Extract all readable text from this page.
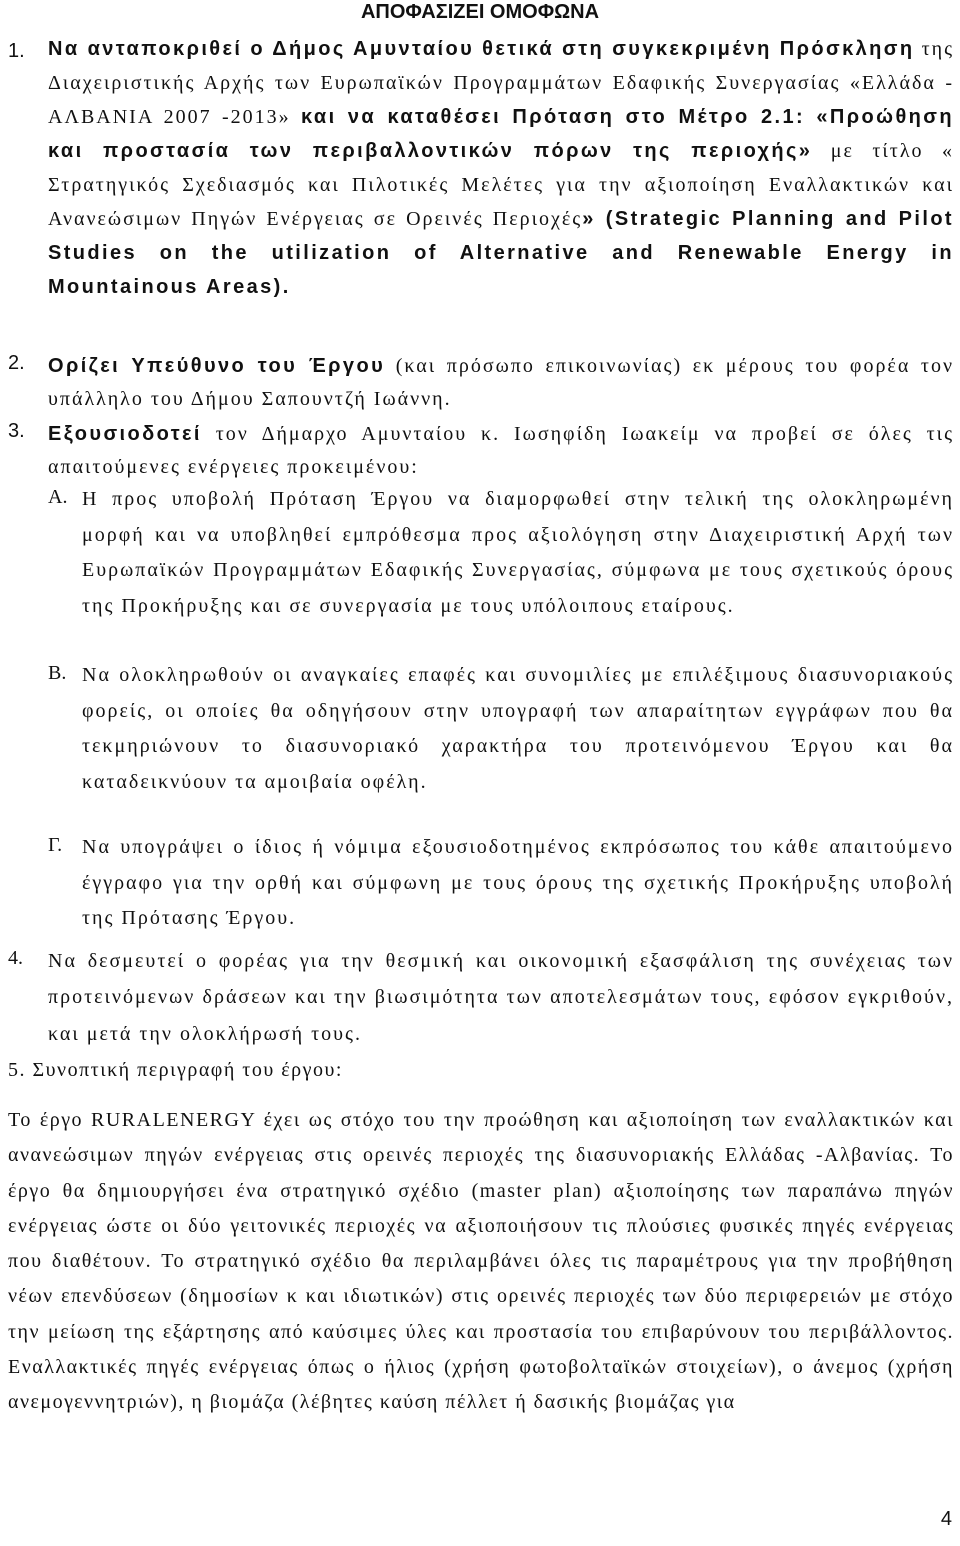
ΑΠΟΦΑΣΙΖΕΙ ΟΜΟΦΩΝΑ
1. Να ανταποκριθεί ο Δήμος Αμυνταίου θετικά στη συγκεκριμένη Πρόσκληση της Διαχειριστικής Αρχής των Ευρωπαϊκών Προγραμμάτων Εδαφικής Συνεργασίας «Ελλάδα - ΑΛΒΑΝΙΑ 2007 -2013» και να καταθέσει Πρόταση στο Μέτρο 2.1: «Προώθηση και προστασία των περιβαλλοντικών πόρων της περιοχής» με τίτλο « Στρατηγικός Σχεδιασμός και Πιλοτικές Μελέτες για την αξιοποίηση Εναλλακτικών και Ανανεώσιμων Πηγών Ενέργειας σε Ορεινές Περιοχές» (Strategic Planning and Pilot Studies on the utilization of Alternative and Renewable Energy in Mountainous Areas).
2. Ορίζει Υπεύθυνο του Έργου (και πρόσωπο επικοινωνίας) εκ μέρους του φορέα τον υπάλληλο του Δήμου Σαπουντζή Ιωάννη.
3. Εξουσιοδοτεί τον Δήμαρχο Αμυνταίου κ. Ιωσηφίδη Ιωακείμ να προβεί σε όλες τις απαιτούμενες ενέργειες προκειμένου:
Α. Η προς υποβολή Πρόταση Έργου να διαμορφωθεί στην τελική της ολοκληρωμένη μορφή και να υποβληθεί εμπρόθεσμα προς αξιολόγηση στην Διαχειριστική Αρχή των Ευρωπαϊκών Προγραμμάτων Εδαφικής Συνεργασίας, σύμφωνα με τους σχετικούς όρους της Προκήρυξης και σε συνεργασία με τους υπόλοιπους εταίρους.
Β. Να ολοκληρωθούν οι αναγκαίες επαφές και συνομιλίες με επιλέξιμους διασυνοριακούς φορείς, οι οποίες θα οδηγήσουν στην υπογραφή των απαραίτητων εγγράφων που θα τεκμηριώνουν το διασυνοριακό χαρακτήρα του προτεινόμενου Έργου και θα καταδεικνύουν τα αμοιβαία οφέλη.
Γ. Να υπογράψει ο ίδιος ή νόμιμα εξουσιοδοτημένος εκπρόσωπος του κάθε απαιτούμενο έγγραφο για την ορθή και σύμφωνη με τους όρους της σχετικής Προκήρυξης υποβολή της Πρότασης Έργου.
4. Να δεσμευτεί ο φορέας για την θεσμική και οικονομική εξασφάλιση της συνέχειας των προτεινόμενων δράσεων και την βιωσιμότητα των αποτελεσμάτων τους, εφόσον εγκριθούν, και μετά την ολοκλήρωσή τους.
5. Συνοπτική περιγραφή του έργου:
Το έργο RURALENERGY έχει ως στόχο του την προώθηση και αξιοποίηση των εναλλακτικών και ανανεώσιμων πηγών ενέργειας στις ορεινές περιοχές της διασυνοριακής Ελλάδας -Αλβανίας. Το έργο θα δημιουργήσει ένα στρατηγικό σχέδιο (master plan) αξιοποίησης των παραπάνω πηγών ενέργειας ώστε οι δύο γειτονικές περιοχές να αξιοποιήσουν τις πλούσιες φυσικές πηγές ενέργειας που διαθέτουν. Το στρατηγικό σχέδιο θα περιλαμβάνει όλες τις παραμέτρους για την προβήθηση νέων επενδύσεων (δημοσίων κ και ιδιωτικών) στις ορεινές περιοχές των δύο περιφερειών με στόχο την μείωση της εξάρτησης από καύσιμες ύλες και προστασία του επιβαρύνουν του περιβάλλοντος. Εναλλακτικές πηγές ενέργειας όπως ο ήλιος (χρήση φωτοβολταϊκών στοιχείων), ο άνεμος (χρήση ανεμογεννητριών), η βιομάζα (λέβητες καύση πέλλετ ή δασικής βιομάζας για
4
